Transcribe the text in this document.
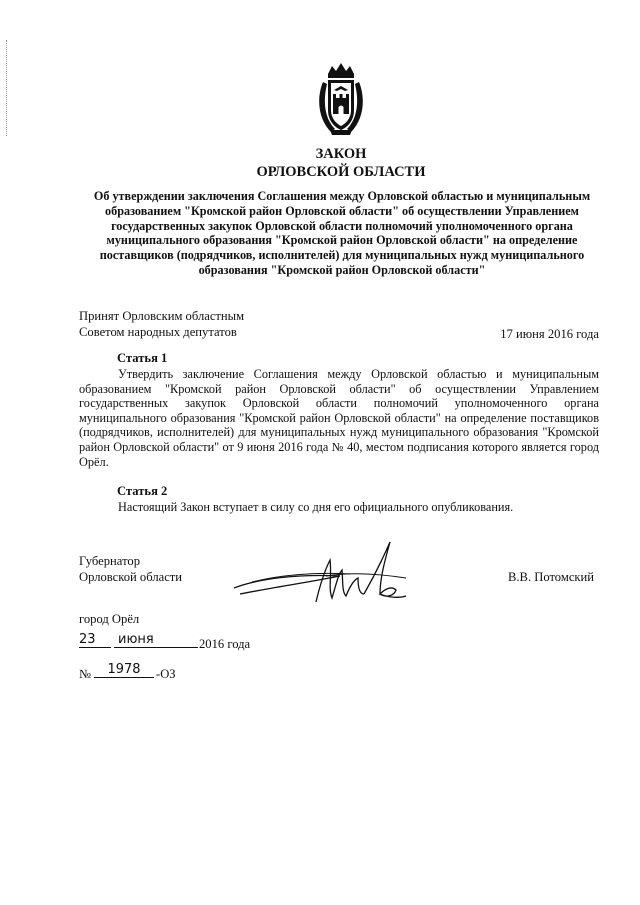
ЗАКОН
ОРЛОВСКОЙ ОБЛАСТИ
Об утверждении заключения Соглашения между Орловской областью и муниципальным образованием "Кромской район Орловской области" об осуществлении Управлением государственных закупок Орловской области полномочий уполномоченного органа муниципального образования "Кромской район Орловской области" на определение поставщиков (подрядчиков, исполнителей) для муниципальных нужд муниципального образования "Кромской район Орловской области"
Принят Орловским областным
Советом народных депутатов	17 июня 2016 года
Статья 1
Утвердить заключение Соглашения между Орловской областью и муниципальным образованием "Кромской район Орловской области" об осуществлении Управлением государственных закупок Орловской области полномочий уполномоченного органа муниципального образования "Кромской район Орловской области" на определение поставщиков (подрядчиков, исполнителей) для муниципальных нужд муниципального образования "Кромской район Орловской области" от 9 июня 2016 года № 40, местом подписания которого является город Орёл.
Статья 2
Настоящий Закон вступает в силу со дня его официального опубликования.
Губернатор
Орловской области	В.В. Потомский
город Орёл
23	июня	2016 года
№	1978	-ОЗ
